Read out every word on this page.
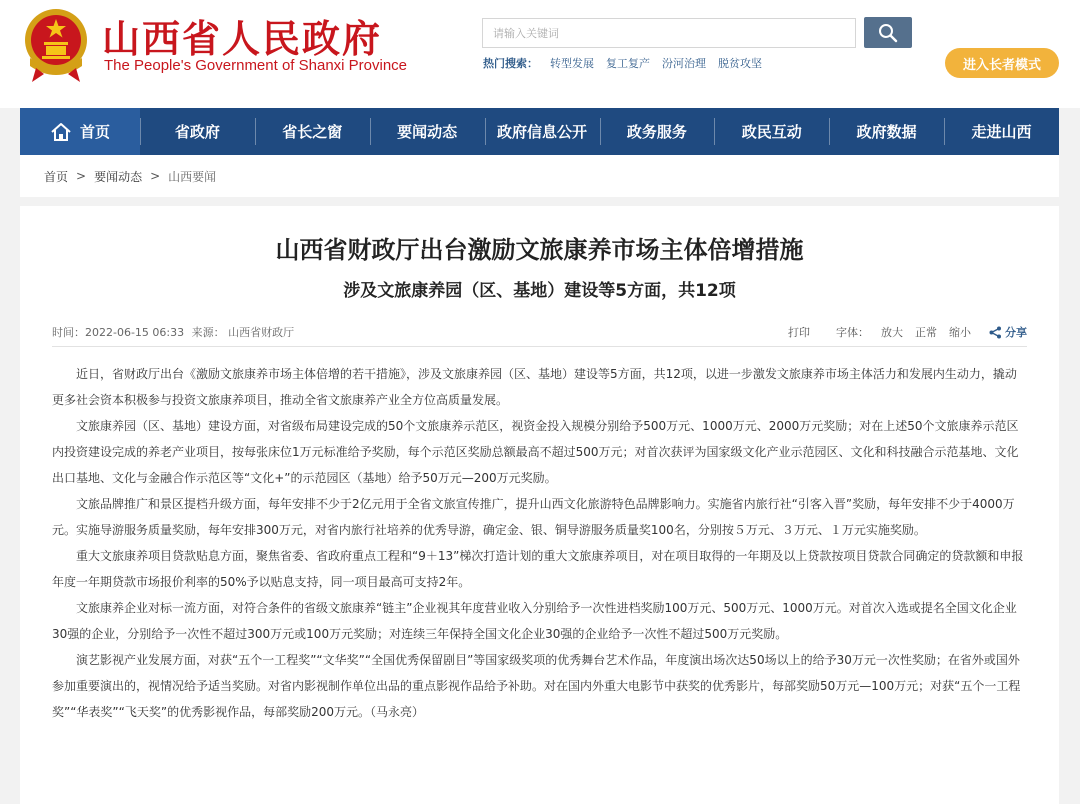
山西省人民政府
The People's Government of Shanxi Province
请输入关键词	热门搜索： 转型发展 复工复产 汾河治理 脱贫攻坚	进入长者模式
首页	省政府	省长之窗	要闻动态	政府信息公开	政务服务	政民互动	政府数据	走进山西
首页 > 要闻动态 > 山西要闻
山西省财政厅出台激励文旅康养市场主体倍增措施
涉及文旅康养园（区、基地）建设等5方面，共12项
时间：2022-06-15 06:33 来源： 山西省财政厅	打印 字体： 放大 正常 缩小	分享

近日，省财政厅出台《激励文旅康养市场主体倍增的若干措施》，涉及文旅康养园（区、基地）建设等5方面，共12项，以进一步激发文旅康养市场主体活力和发展内生动力，撬动更多社会资本积极参与投资文旅康养项目，推动全省文旅康养产业全方位高质量发展。

文旅康养园（区、基地）建设方面，对省级布局建设完成的50个文旅康养示范区，视资金投入规模分别给予500万元、1000万元、2000万元奖励；对在上述50个文旅康养示范区内投资建设完成的养老产业项目，按每张床位1万元标准给予奖励，每个示范区奖励总额最高不超过500万元；对首次获评为国家级文化产业示范园区、文化和科技融合示范基地、文化出口基地、文化与金融合作示范区等“文化+”的示范园区（基地）给予50万元—200万元奖励。

文旅品牌推广和景区提档升级方面，每年安排不少于2亿元用于全省文旅宣传推广，提升山西文化旅游特色品牌影响力。实施省内旅行社“引客入晋”奖励，每年安排不少于4000万元。实施导游服务质量奖励，每年安排300万元，对省内旅行社培养的优秀导游，确定金、银、铜导游服务质量奖100名，分别按５万元、３万元、１万元实施奖励。

重大文旅康养项目贷款贴息方面，聚焦省委、省政府重点工程和“9＋13”梯次打造计划的重大文旅康养项目，对在项目取得的一年期及以上贷款按项目贷款合同确定的贷款额和申报年度一年期贷款市场报价利率的50%予以贴息支持，同一项目最高可支持2年。

文旅康养企业对标一流方面，对符合条件的省级文旅康养“链主”企业视其年度营业收入分别给予一次性进档奖励100万元、500万元、1000万元。对首次入选或提名全国文化企业30强的企业，分别给予一次性不超过300万元或100万元奖励；对连续三年保持全国文化企业30强的企业给予一次性不超过500万元奖励。

演艺影视产业发展方面，对获“五个一工程奖”“文华奖”“全国优秀保留剧目”等国家级奖项的优秀舞台艺术作品，年度演出场次达50场以上的给予30万元一次性奖励；在省外或国外参加重要演出的，视情况给予适当奖励。对省内影视制作单位出品的重点影视作品给予补助。对在国内外重大电影节中获奖的优秀影片，每部奖励50万元—100万元；对获“五个一工程奖”“华表奖”“飞天奖”的优秀影视作品，每部奖励200万元。（马永亮）
